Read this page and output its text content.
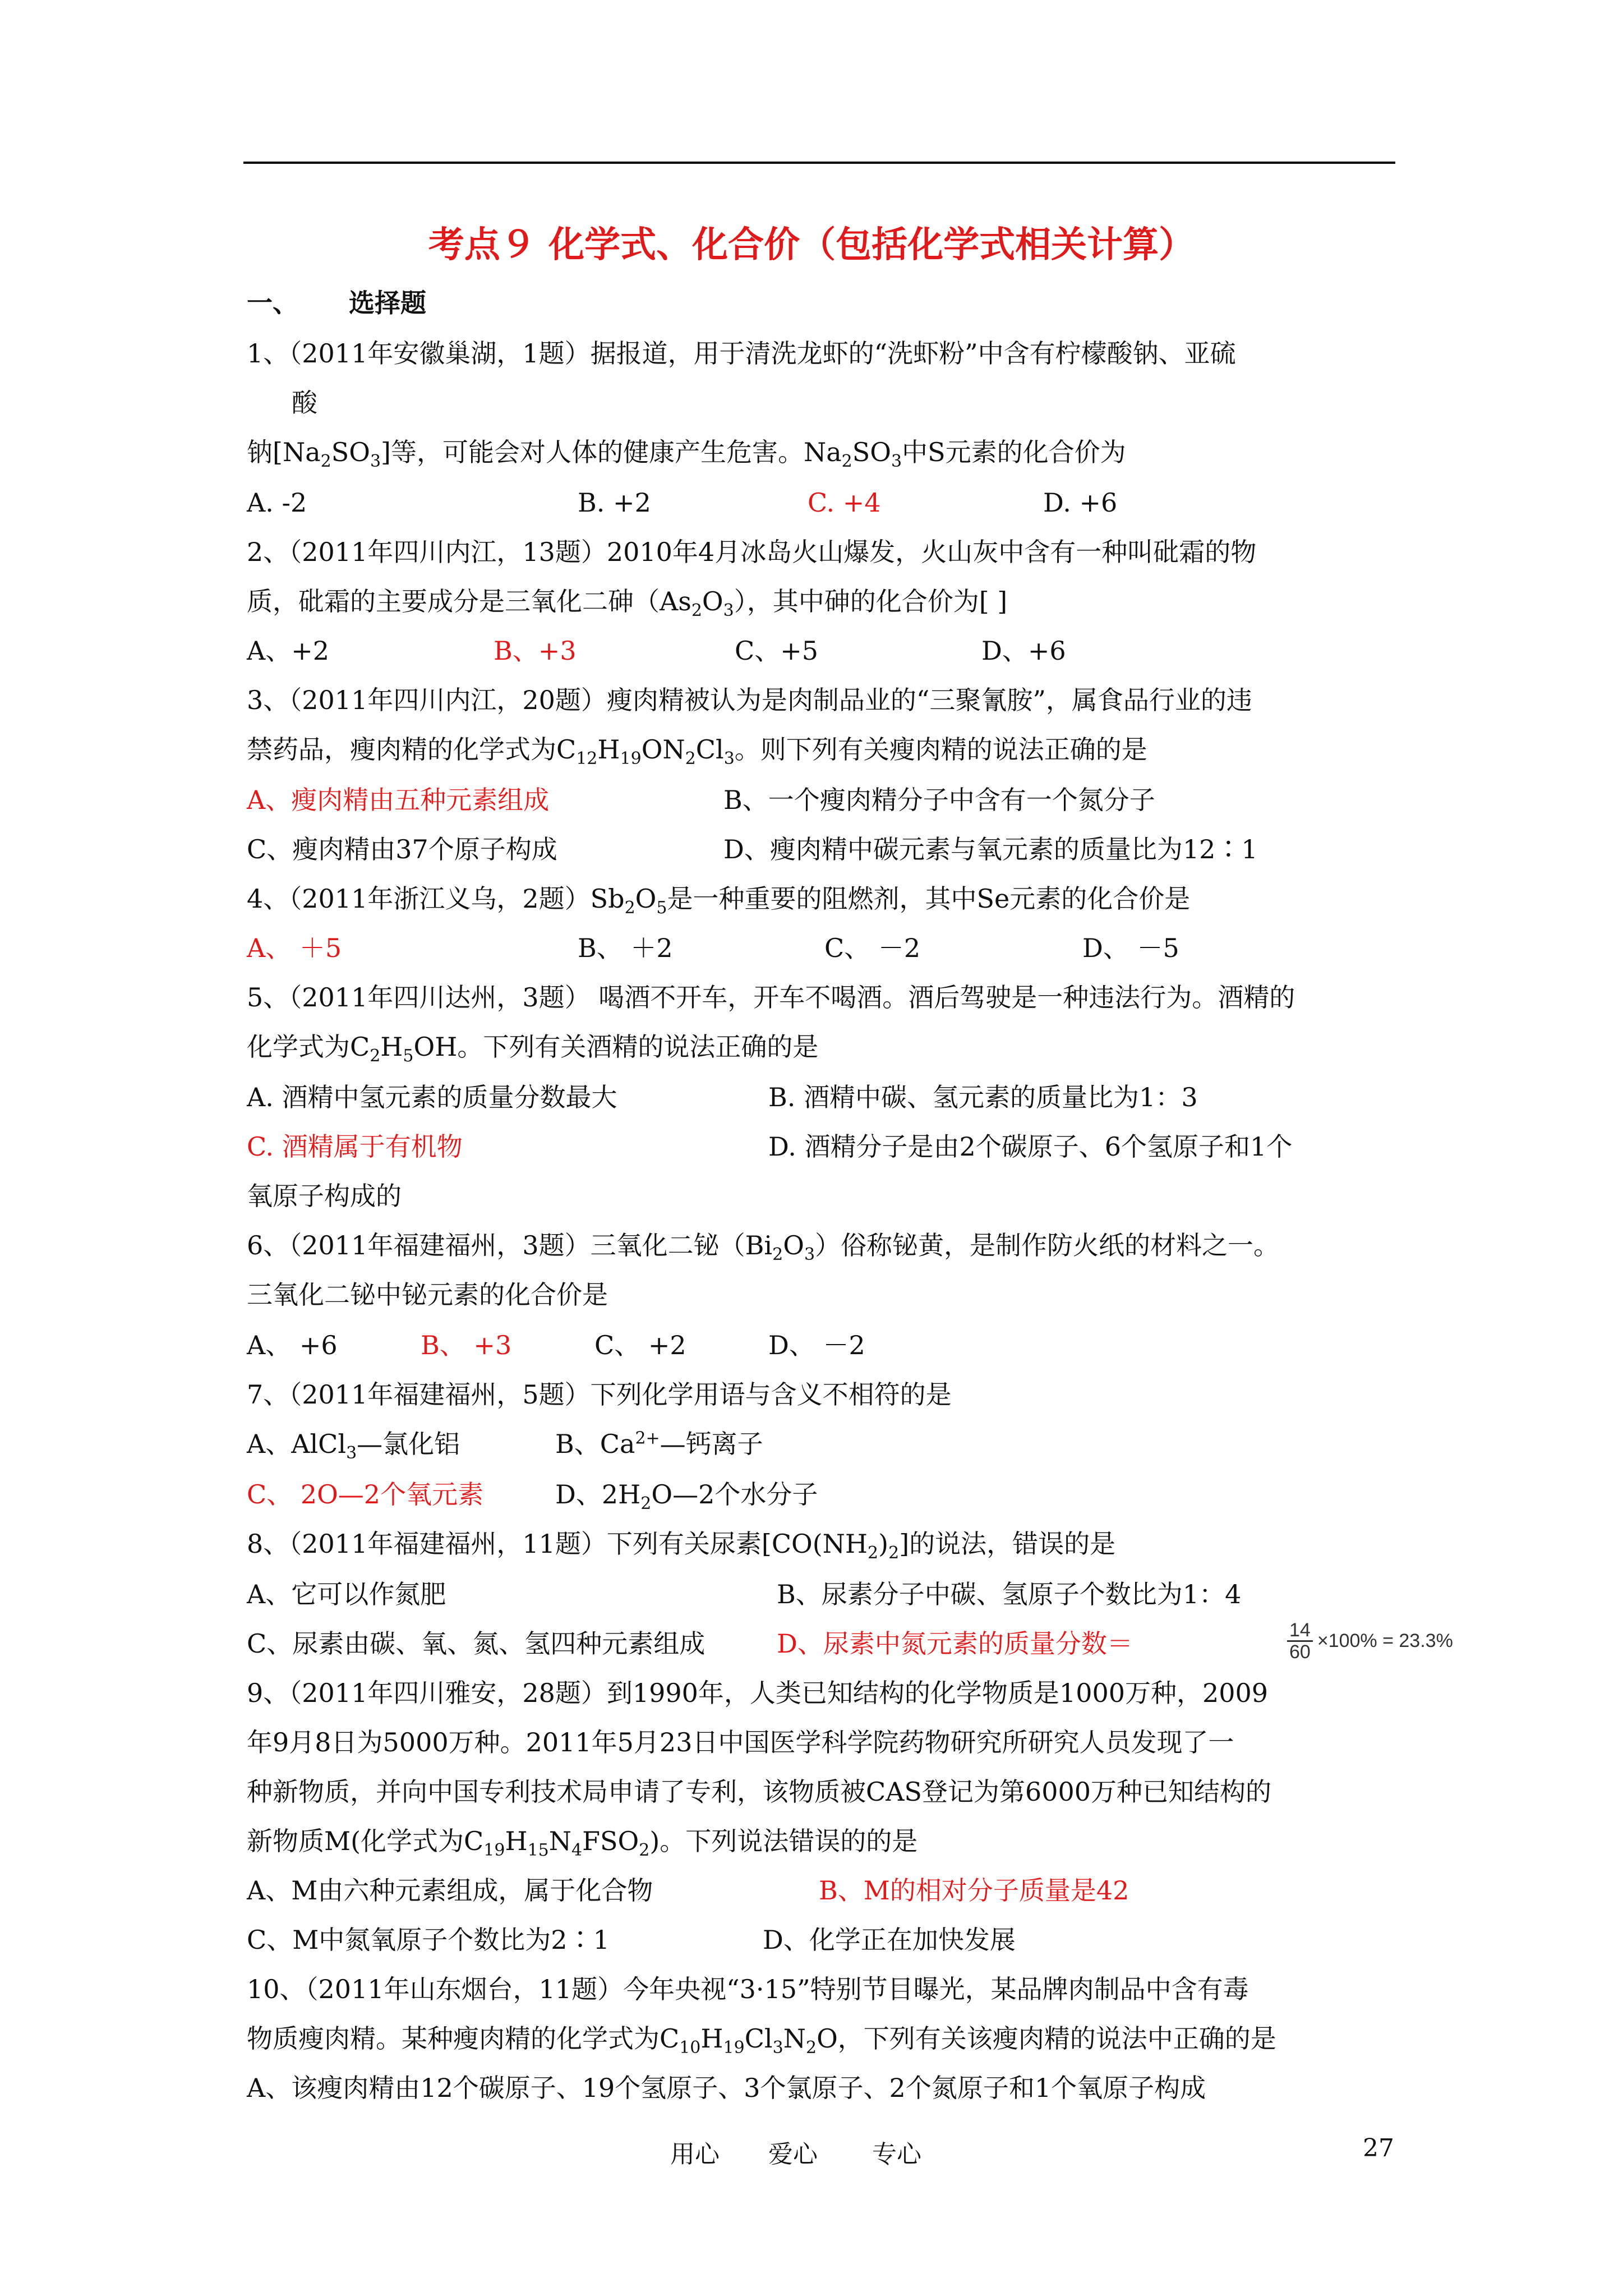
考点９ 化学式、化合价（包括化学式相关计算）
一、 选择题
1、（2011年安徽巢湖，1题）据报道，用于清洗龙虾的“洗虾粉”中含有柠檬酸钠、亚硫
酸
钠$[Na_2SO_3]$等，可能会对人体的健康产生危害。$Na_2SO_3$中S元素的化合价为
A. -2	B. +2	C. +4	D. +6
2、（2011年四川内江，13题）2010年4月冰岛火山爆发，火山灰中含有一种叫砒霜的物
质，砒霜的主要成分是三氧化二砷$(As_2O_3)$，其中砷的化合价为[ ]
A、+2	B、+3	C、+5	D、+6
3、（2011年四川内江，20题）瘦肉精被认为是肉制品业的“三聚氰胺”，属食品行业的违
禁药品，瘦肉精的化学式为$C_{12}H_{19}ON_2Cl_3$。则下列有关瘦肉精的说法正确的是
A、瘦肉精由五种元素组成	B、一个瘦肉精分子中含有一个氮分子
C、瘦肉精由37个原子构成	D、瘦肉精中碳元素与氧元素的质量比为12∶1
4、（2011年浙江义乌，2题）$Sb_2O_5$是一种重要的阻燃剂，其中Se元素的化合价是
A、 ＋5	B、 ＋2	C、 －2	D、 －5
5、（2011年四川达州，3题） 喝酒不开车，开车不喝酒。酒后驾驶是一种违法行为。酒精的
化学式为$C_2H_5OH$。下列有关酒精的说法正确的是
A. 酒精中氢元素的质量分数最大	B. 酒精中碳、氢元素的质量比为1：3
C. 酒精属于有机物	D. 酒精分子是由2个碳原子、6个氢原子和1个
氧原子构成的
6、（2011年福建福州，3题）三氧化二铋$(Bi_2O_3)$俗称铋黄，是制作防火纸的材料之一。
三氧化二铋中铋元素的化合价是
A、 +6	B、 +3	C、 +2	D、 －2
7、（2011年福建福州，5题）下列化学用语与含义不相符的是
A、AlCl$_3$—氯化铝	B、$Ca^{2+}—$钙离子
C、 2O—2个氧元素	D、$2H_2O—2$个水分子
8、（2011年福建福州，11题）下列有关尿素$[CO(NH_2)_2]$的说法，错误的是
A、它可以作氮肥	B、尿素分子中碳、氢原子个数比为1：4
C、尿素由碳、氧、氮、氢四种元素组成	D、尿素中氮元素的质量分数＝	$\frac{14}{60} \times 100\% = 23.3\%$
9、（2011年四川雅安，28题）到1990年，人类已知结构的化学物质是1000万种，2009
年9月8日为5000万种。2011年5月23日中国医学科学院药物研究所研究人员发现了一
种新物质，并向中国专利技术局申请了专利，该物质被CAS登记为第6000万种已知结构的
新物质M(化学式为$C_{19}H_{15}N_4FSO_2$)。下列说法错误的的是
A、M由六种元素组成，属于化合物	B、M的相对分子质量是42
C、M中氮氧原子个数比为2∶1	D、化学正在加快发展
10、（2011年山东烟台，11题）今年央视“3·15”特别节目曝光，某品牌肉制品中含有毒
物质瘦肉精。某种瘦肉精的化学式为$C_{10}H_{19}Cl_3N_2O$，下列有关该瘦肉精的说法中正确的是
A、该瘦肉精由12个碳原子、19个氢原子、3个氯原子、2个氮原子和1个氧原子构成
用心 爱心 专心	27
